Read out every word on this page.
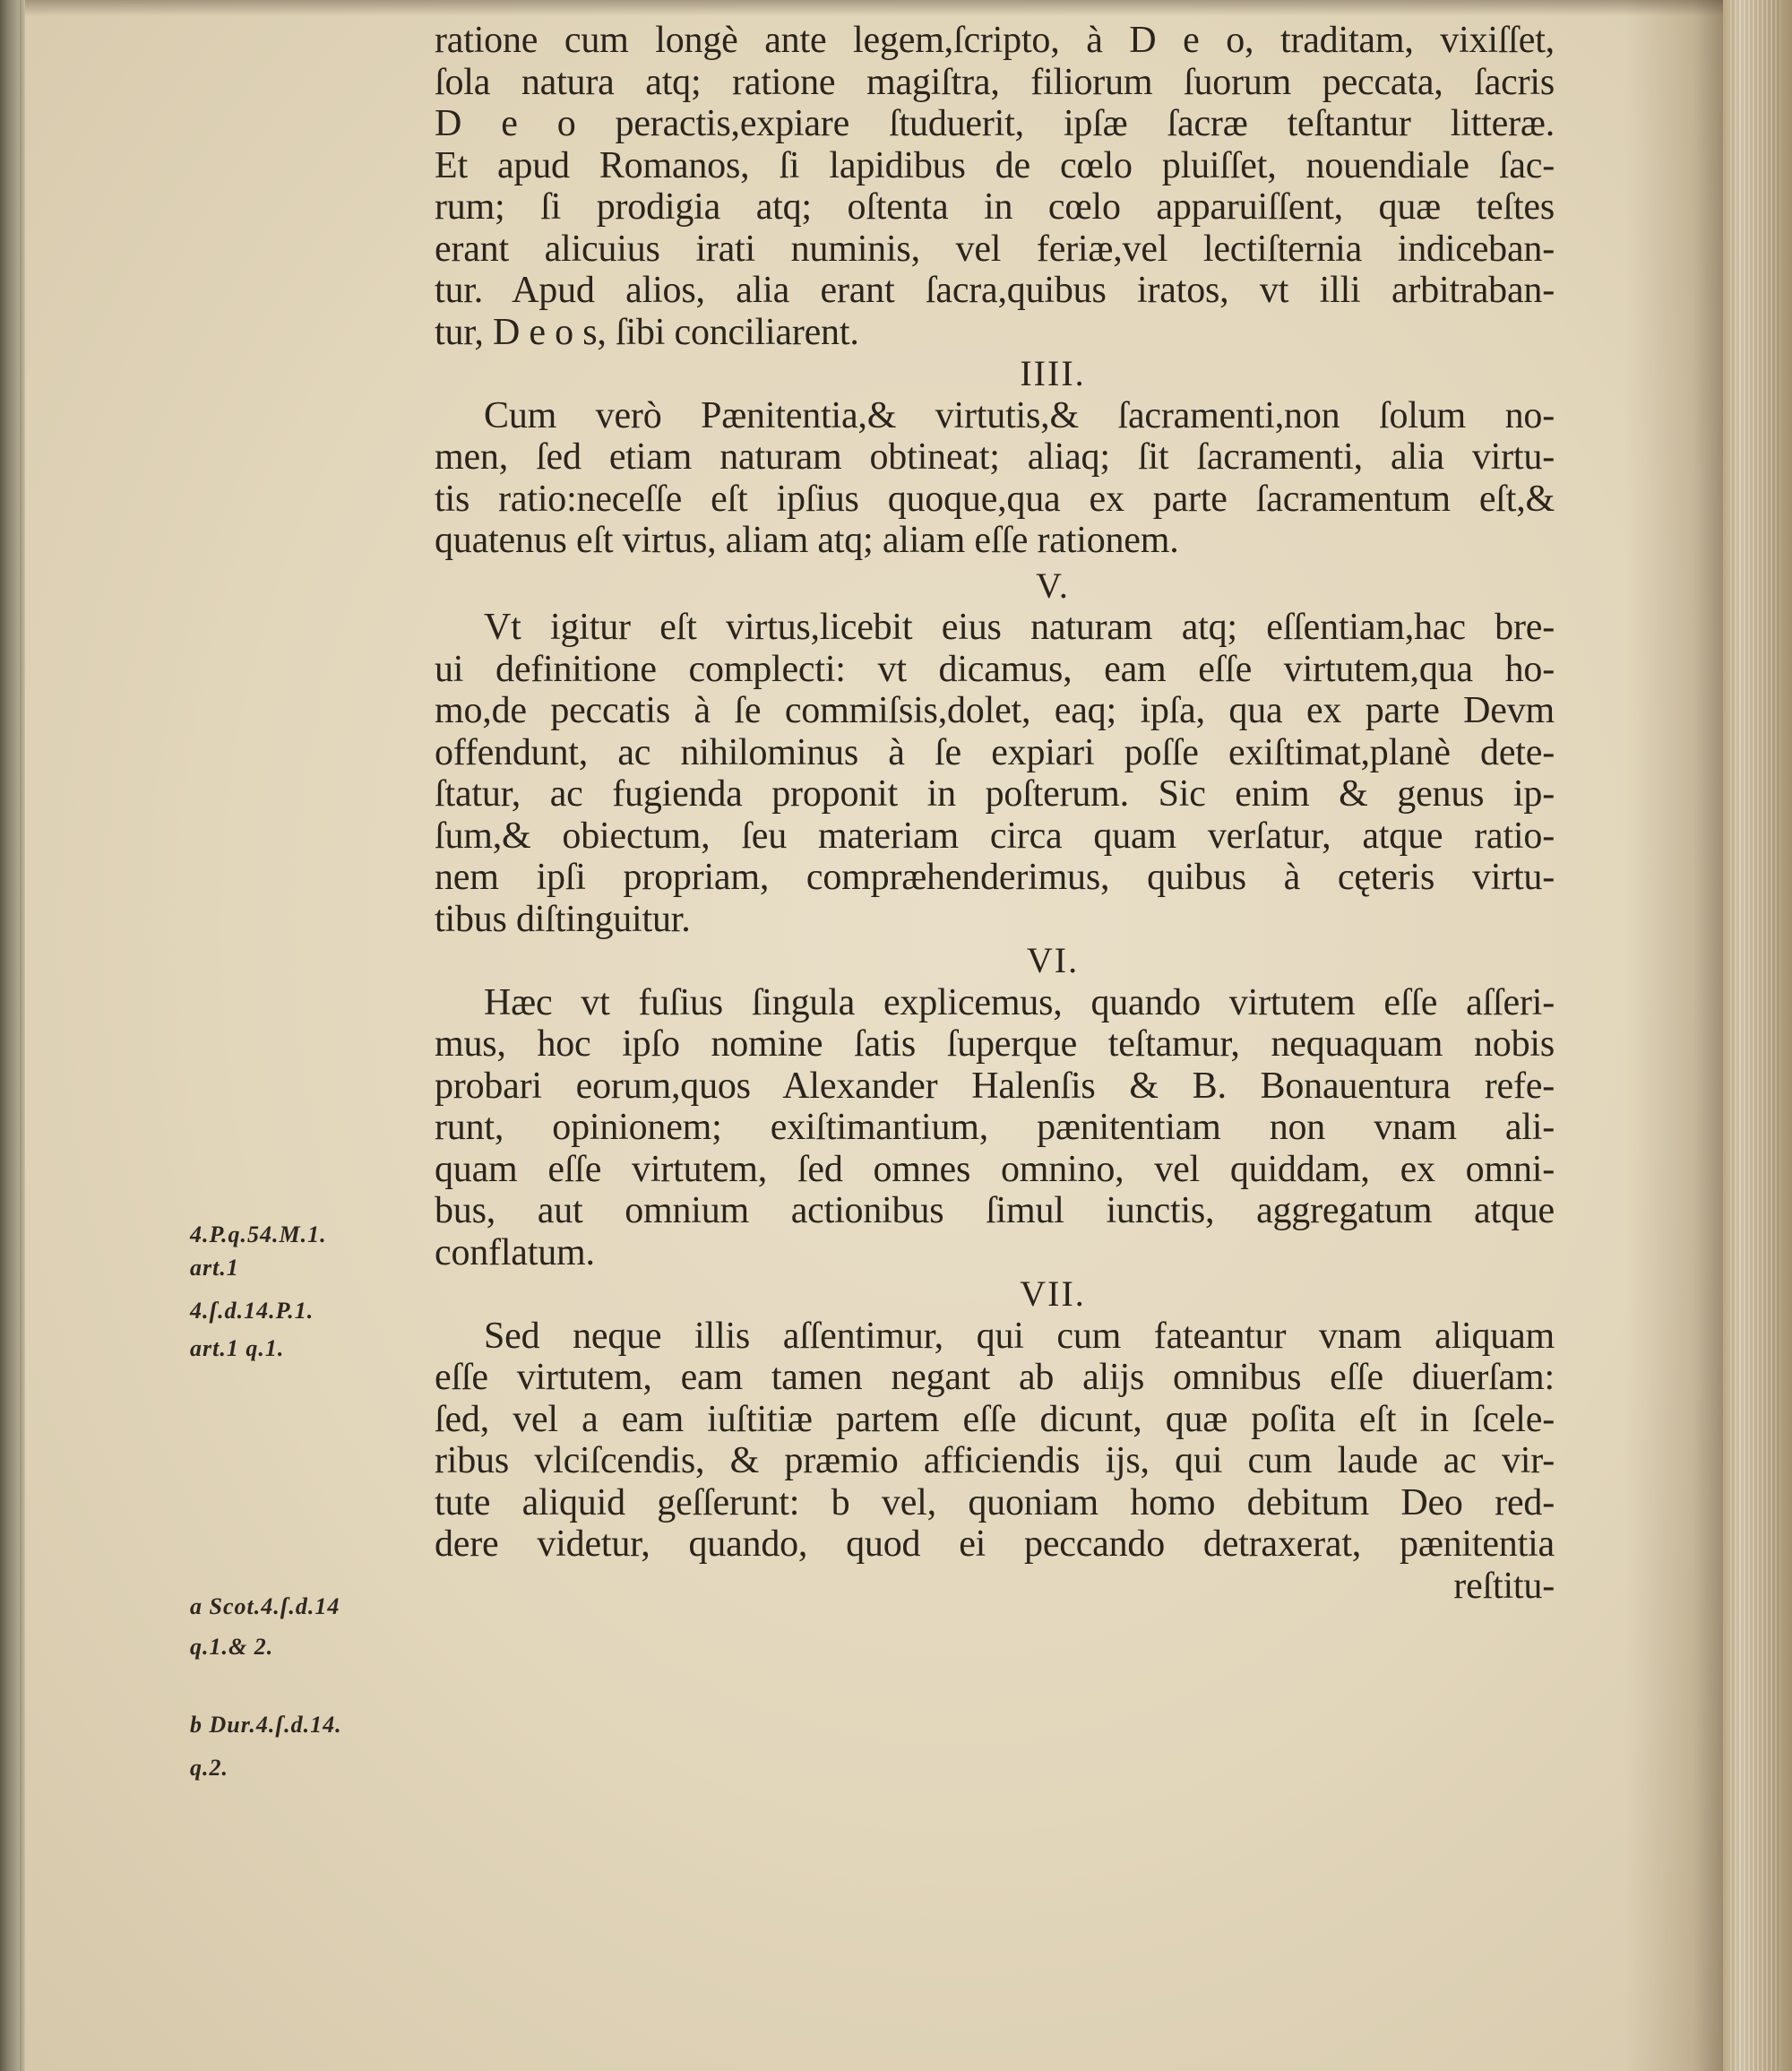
ratione cum longè ante legem,ſcripto, à D e o, traditam, vixiſſet,
ſola natura atq; ratione magiſtra, filiorum ſuorum peccata, ſacris
D e o peractis,expiare ſtuduerit, ipſæ ſacræ teſtantur litteræ.
Et apud Romanos, ſi lapidibus de cœlo pluiſſet, nouendiale ſac-
rum; ſi prodigia atq; oſtenta in cœlo apparuiſſent, quæ teſtes
erant alicuius irati numinis, vel feriæ,vel lectiſternia indiceban-
tur. Apud alios, alia erant ſacra,quibus iratos, vt illi arbitraban-
tur, D e o s, ſibi conciliarent.
IIII.
Cum verò Pænitentia,& virtutis,& ſacramenti,non ſolum no-
men, ſed etiam naturam obtineat; aliaq; ſit ſacramenti, alia virtu-
tis ratio:neceſſe eſt ipſius quoque,qua ex parte ſacramentum eſt,&
quatenus eſt virtus, aliam atq; aliam eſſe rationem.
V.
Vt igitur eſt virtus,licebit eius naturam atq; eſſentiam,hac bre-
ui definitione complecti: vt dicamus, eam eſſe virtutem,qua ho-
mo,de peccatis à ſe commiſsis,dolet, eaq; ipſa, qua ex parte Devm
offendunt, ac nihilominus à ſe expiari poſſe exiſtimat,planè dete-
ſtatur, ac fugienda proponit in poſterum. Sic enim & genus ip-
ſum,& obiectum, ſeu materiam circa quam verſatur, atque ratio-
nem ipſi propriam, compræhenderimus, quibus à cęteris virtu-
tibus diſtinguitur.
VI.
Hæc vt fuſius ſingula explicemus, quando virtutem eſſe aſſeri-
mus, hoc ipſo nomine ſatis ſuperque teſtamur, nequaquam nobis
probari eorum,quos Alexander Halenſis & B. Bonauentura refe-
runt, opinionem; exiſtimantium, pænitentiam non vnam ali-
quam eſſe virtutem, ſed omnes omnino, vel quiddam, ex omni-
bus, aut omnium actionibus ſimul iunctis, aggregatum atque
conflatum.
VII.
Sed neque illis aſſentimur, qui cum fateantur vnam aliquam
eſſe virtutem, eam tamen negant ab alijs omnibus eſſe diuerſam:
ſed, vel a eam iuſtitiæ partem eſſe dicunt, quæ poſita eſt in ſcele-
ribus vlciſcendis, & præmio afficiendis ijs, qui cum laude ac vir-
tute aliquid geſſerunt: b vel, quoniam homo debitum Deo red-
dere videtur, quando, quod ei peccando detraxerat, pænitentia
reſtitu-
4.P.q.54.M.1.
art.1
4.ſ.d.14.P.1.
art.1 q.1.
a Scot.4.ſ.d.14
q.1.& 2.
b Dur.4.ſ.d.14.
q.2.
